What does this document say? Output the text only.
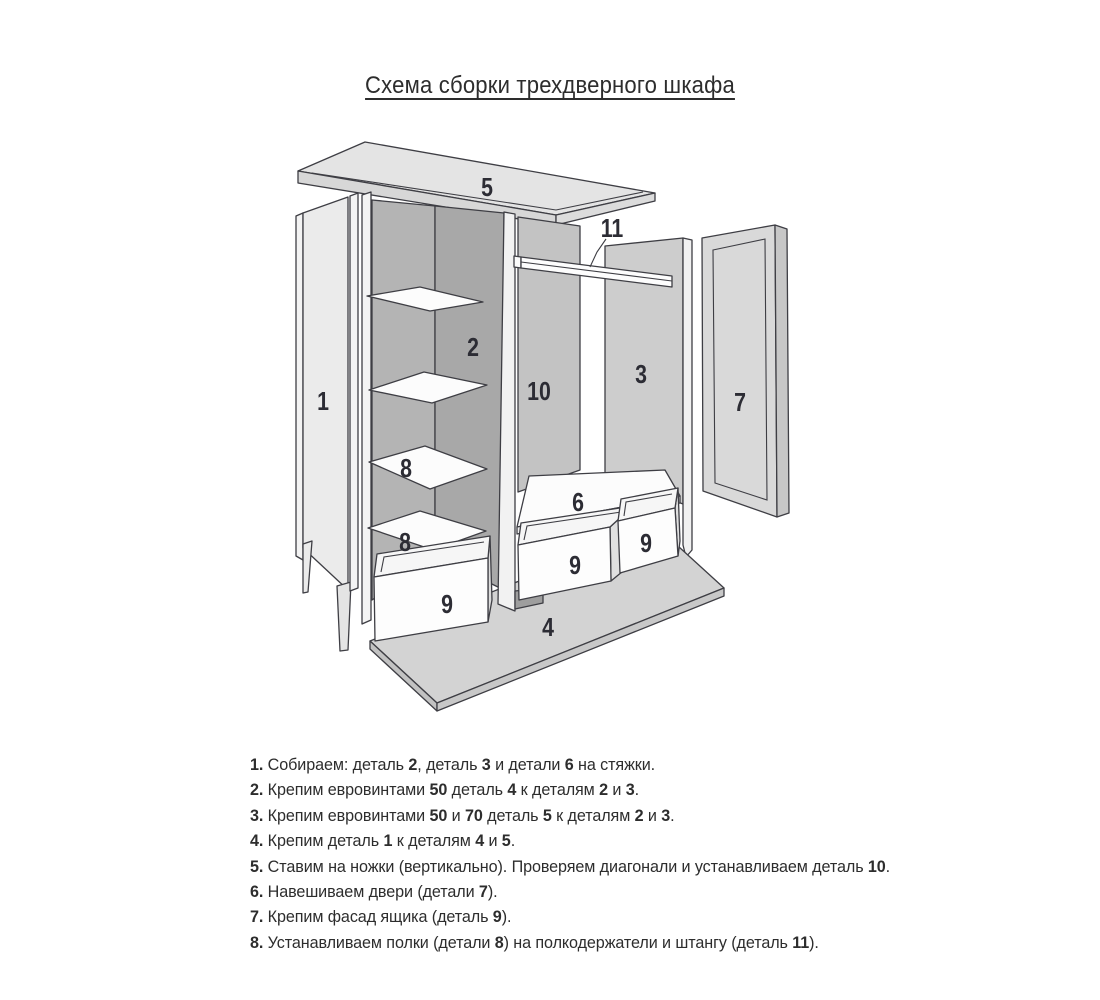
Схема сборки трехдверного шкафа
5
11
1
2
10
3
7
8
8
9
6
9
9
4
1. Собираем: деталь 2, деталь 3 и детали 6 на стяжки.
2. Крепим евровинтами 50 деталь 4 к деталям 2 и 3.
3. Крепим евровинтами 50 и 70 деталь 5 к деталям 2 и 3.
4. Крепим деталь 1 к деталям 4 и 5.
5. Ставим на ножки (вертикально). Проверяем диагонали и устанавливаем деталь 10.
6. Навешиваем двери (детали 7).
7. Крепим фасад ящика (деталь 9).
8. Устанавливаем полки (детали 8) на полкодержатели и штангу (деталь 11).
